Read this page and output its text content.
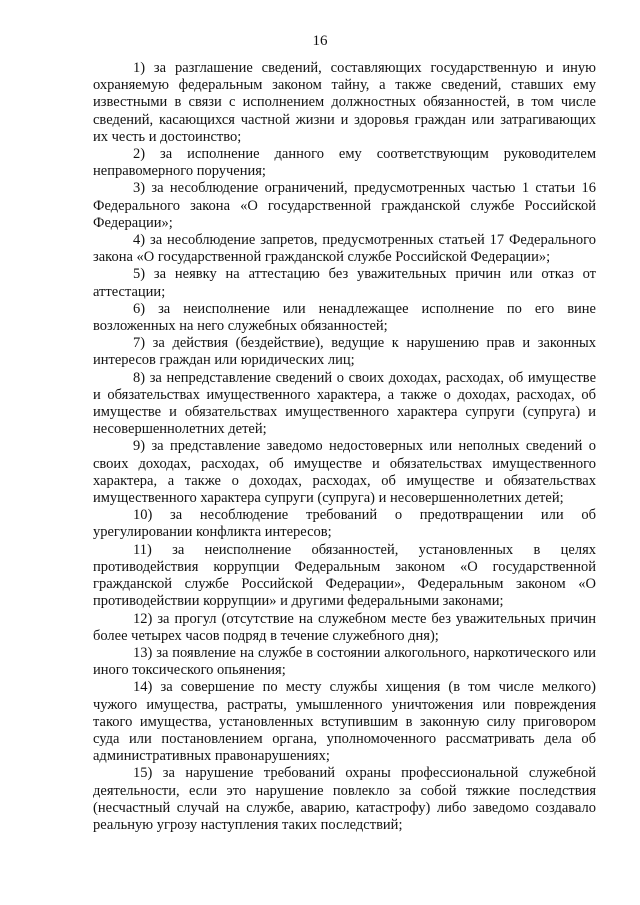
16

1) за разглашение сведений, составляющих государственную и иную охраняемую федеральным законом тайну, а также сведений, ставших ему известными в связи с исполнением должностных обязанностей, в том числе сведений, касающихся частной жизни и здоровья граждан или затрагивающих их честь и достоинство;

2) за исполнение данного ему соответствующим руководителем неправомерного поручения;

3) за несоблюдение ограничений, предусмотренных частью 1 статьи 16 Федерального закона «О государственной гражданской службе Российской Федерации»;

4) за несоблюдение запретов, предусмотренных статьей 17 Федерального закона «О государственной гражданской службе Российской Федерации»;

5) за неявку на аттестацию без уважительных причин или отказ от аттестации;

6) за неисполнение или ненадлежащее исполнение по его вине возложенных на него служебных обязанностей;

7) за действия (бездействие), ведущие к нарушению прав и законных интересов граждан или юридических лиц;

8) за непредставление сведений о своих доходах, расходах, об имуществе и обязательствах имущественного характера, а также о доходах, расходах, об имуществе и обязательствах имущественного характера супруги (супруга) и несовершеннолетних детей;

9) за представление заведомо недостоверных или неполных сведений о своих доходах, расходах, об имуществе и обязательствах имущественного характера, а также о доходах, расходах, об имуществе и обязательствах имущественного характера супруги (супруга) и несовершеннолетних детей;

10) за несоблюдение требований о предотвращении или об урегулировании конфликта интересов;

11) за неисполнение обязанностей, установленных в целях противодействия коррупции Федеральным законом «О государственной гражданской службе Российской Федерации», Федеральным законом «О противодействии коррупции» и другими федеральными законами;

12) за прогул (отсутствие на служебном месте без уважительных причин более четырех часов подряд в течение служебного дня);

13) за появление на службе в состоянии алкогольного, наркотического или иного токсического опьянения;

14) за совершение по месту службы хищения (в том числе мелкого) чужого имущества, растраты, умышленного уничтожения или повреждения такого имущества, установленных вступившим в законную силу приговором суда или постановлением органа, уполномоченного рассматривать дела об административных правонарушениях;

15) за нарушение требований охраны профессиональной служебной деятельности, если это нарушение повлекло за собой тяжкие последствия (несчастный случай на службе, аварию, катастрофу) либо заведомо создавало реальную угрозу наступления таких последствий;
